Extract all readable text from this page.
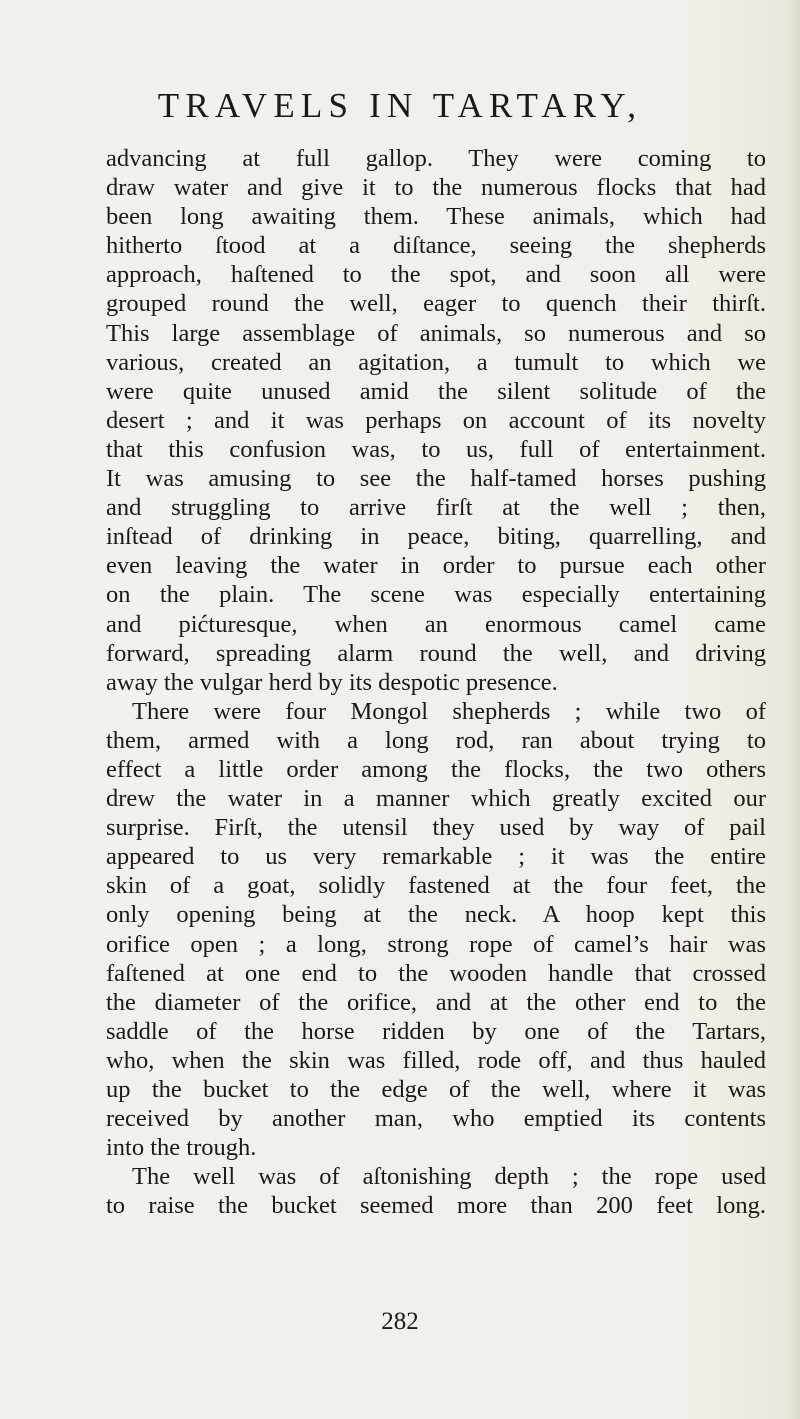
TRAVELS IN TARTARY,
advancing at full gallop. They were coming to
draw water and give it to the numerous flocks that had
been long awaiting them. These animals, which had
hitherto ſtood at a diſtance, seeing the shepherds
approach, haſtened to the spot, and soon all were
grouped round the well, eager to quench their thirſt.
This large assemblage of animals, so numerous and so
various, created an agitation, a tumult to which we
were quite unused amid the silent solitude of the
desert ; and it was perhaps on account of its novelty
that this confusion was, to us, full of entertainment.
It was amusing to see the half-tamed horses pushing
and struggling to arrive firſt at the well ; then,
inſtead of drinking in peace, biting, quarrelling, and
even leaving the water in order to pursue each other
on the plain. The scene was especially entertaining
and pićturesque, when an enormous camel came
forward, spreading alarm round the well, and driving
away the vulgar herd by its despotic presence.
There were four Mongol shepherds ; while two of
them, armed with a long rod, ran about trying to
effect a little order among the flocks, the two others
drew the water in a manner which greatly excited our
surprise. Firſt, the utensil they used by way of pail
appeared to us very remarkable ; it was the entire
skin of a goat, solidly fastened at the four feet, the
only opening being at the neck. A hoop kept this
orifice open ; a long, strong rope of camel’s hair was
faſtened at one end to the wooden handle that crossed
the diameter of the orifice, and at the other end to the
saddle of the horse ridden by one of the Tartars,
who, when the skin was filled, rode off, and thus hauled
up the bucket to the edge of the well, where it was
received by another man, who emptied its contents
into the trough.
The well was of aſtonishing depth ; the rope used
to raise the bucket seemed more than 200 feet long.
282
